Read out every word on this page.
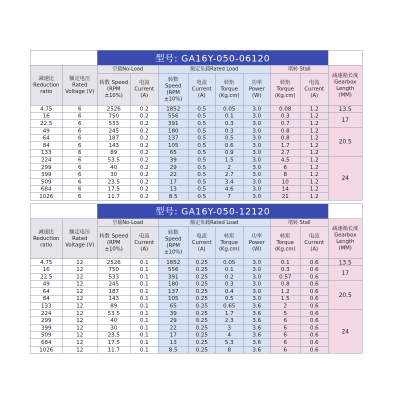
		型号: GA16Y-050-06120								
减速比Reduction ratio	额定电压Rated Voltage (V)	空载No-Load		额定负载Rated Load				堵转 Stall		减速箱长度 Gearbox Length (MM)
		转数 Speed (RPM ±10%)	电流 Current (A)	转数 Speed (RPM ±10%)	电流 Current (A)	转矩 Torque (Kg.cm)	功率 Power (W)	转矩 Torque (Kg.cm)	电流 Current (A)	
4.75	6	2526	0.2	1852	0.5	0.05	3.0	0.08	1.2	13.5
16	6	750	0.2	556	0.5	0.1	3.0	0.3	1.2	17
22.5	6	533	0.2	391	0.5	0.3	3.0	0.7	1.2	
49	6	245	0.2	180	0.5	0.3	3.0	0.8	1.2	20.5
64	6	187	0.2	137	0.5	0.5	3.0	0.8	1.2	
84	6	143	0.2	105	0.5	0.6	3.0	1.7	1.2	
133	6	89	0.2	65	0.5	0.9	3.0	2.7	1.2	
224	6	53.5	0.2	39	0.5	1.5	3.0	4.5	1.2	24
299	6	40	0.2	29	0.5	2	3.0	6	1.2	
399	6	30	0.2	22	0.5	2.7	3.0	8	1.2	
509	6	23.5	0.2	17	0.5	3.4	3.0	10	1.2	
684	6	17.5	0.2	13	0.5	4.6	3.0	14	1.2	
1026	6	11.7	0.2	8.5	0.5	7	3.0	21	1.2	
		型号: GA16Y-050-12120								
减速比Reduction ratio	额定电压Rated Voltage (V)	空载No-Load		额定负载Rated Load				堵转 Stall		减速箱长度 Gearbox Length (MM)
		转数 Speed (RPM ±10%)	电流 Current (A)	转数 Speed (RPM ±10%)	电流 Current (A)	转矩 Torque (Kg.cm)	功率 Power (W)	转矩 Torque (Kg.cm)	电流 Current (A)	
4.75	12	2526	0.1	1852	0.25	0.05	3.0	0.1	0.6	13.5
16	12	750	0.1	556	0.25	0.1	3.0	0.3	0.6	17
22.5	12	533	0.1	391	0.25	0.2	3.0	0.57	0.6	
49	12	245	0.1	180	0.25	0.3	3.0	0.8	0.6	20.5
64	12	187	0.1	137	0.25	0.4	3.0	1.2	0.6	
84	12	143	0.1	105	0.25	0.5	3.0	1.5	0.6	
133	12	89	0.1	65	0.25	0.65	3.6	2	0.6	
224	12	53.5	0.1	39	0.25	1.7	3.6	5	0.6	24
299	12	40	0.1	29	0.25	2.3	3.6	6	0.6	
399	12	30	0.1	22	0.25	3	3.6	6	0.6	
509	12	23.5	0.1	17	0.25	4	3.6	6	0.6	
684	12	17.5	0.1	13	0.25	5.3	3.6	6	0.6	
1026	12	11.7	0.1	8.5	0.25	8	3.6	6	0.6	
